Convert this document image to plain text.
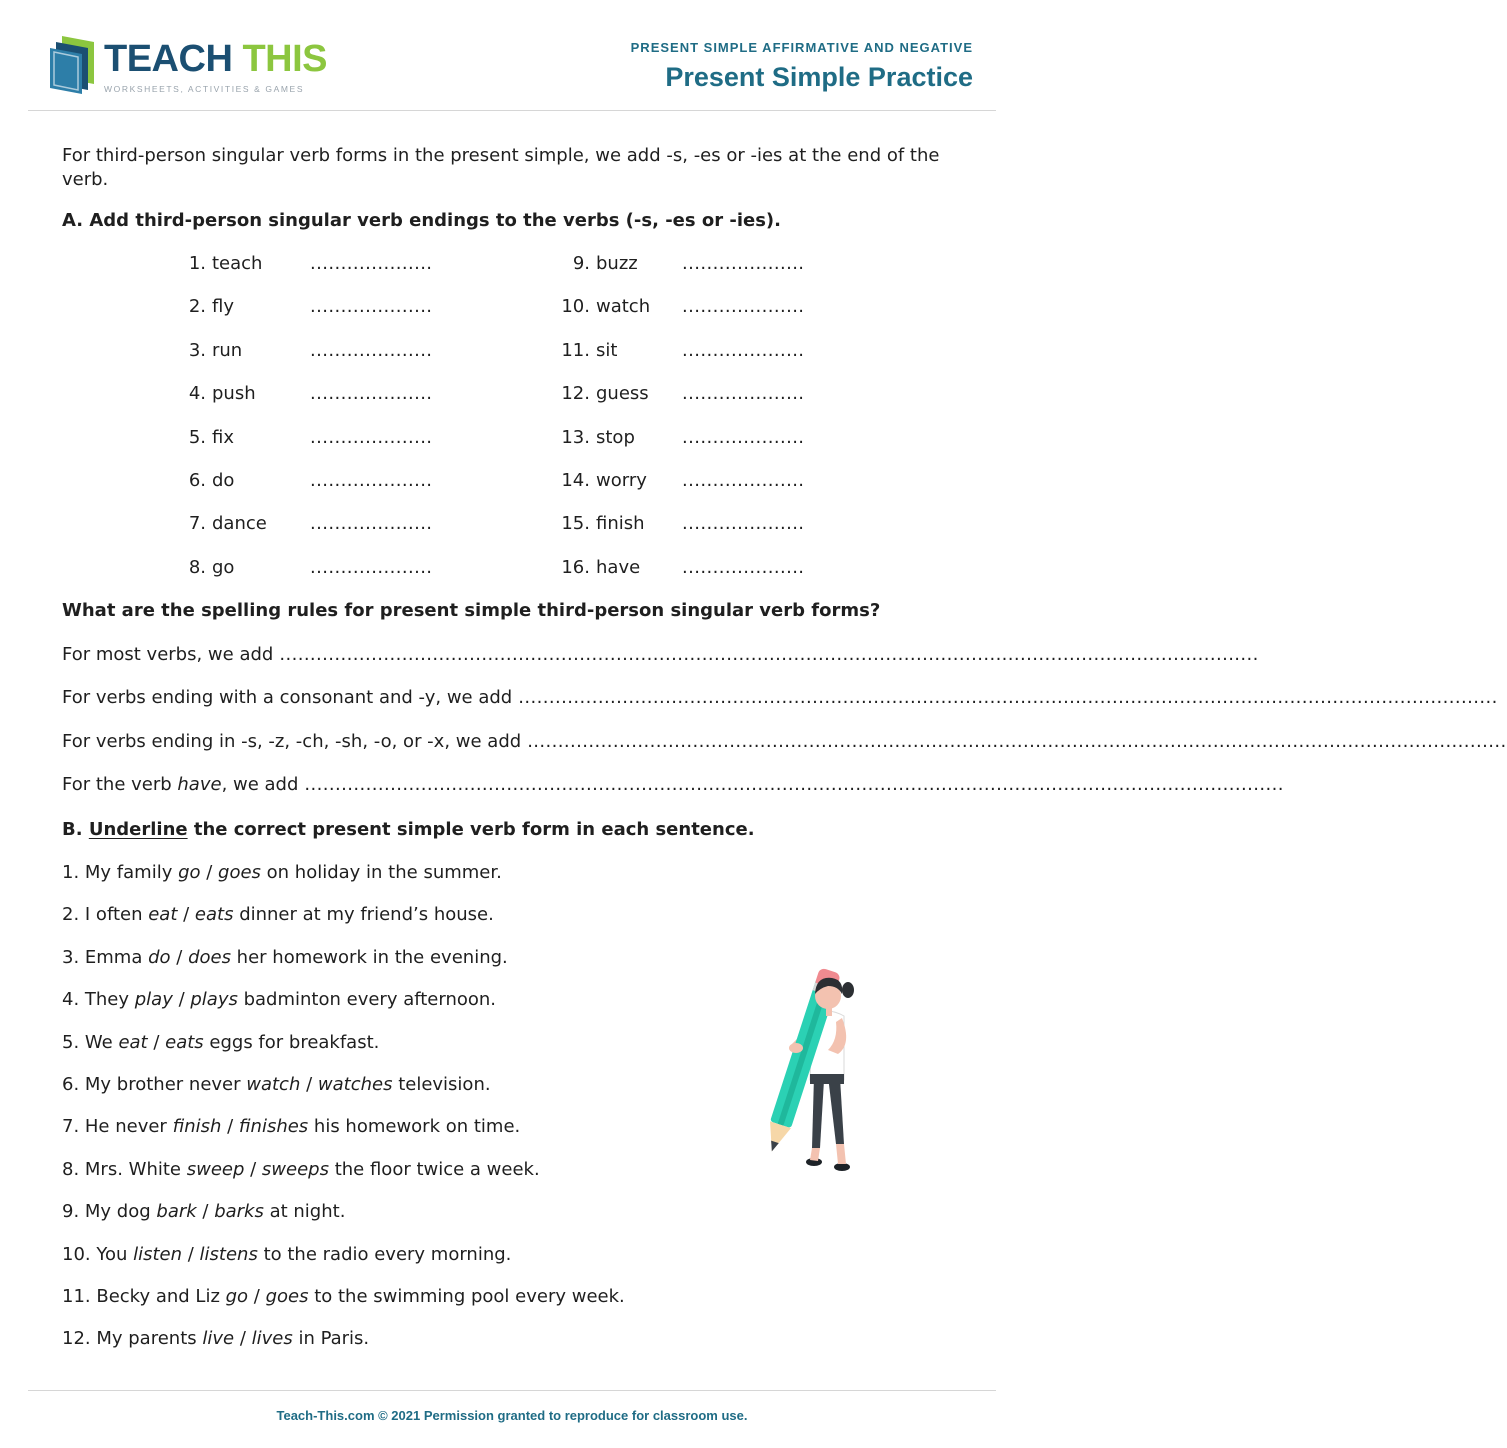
TEACH THIS
WORKSHEETS, ACTIVITIES & GAMES
PRESENT SIMPLE AFFIRMATIVE AND NEGATIVE
Present Simple Practice
For third-person singular verb forms in the present simple, we add -s, -es or -ies at the end of the verb.
A. Add third-person singular verb endings to the verbs (-s, -es or -ies).
1. teach	....................
2. fly	....................
3. run	....................
4. push	....................
5. fix	....................
6. do	....................
7. dance ....................
8. go	....................
9. buzz ....................
10. watch ....................
11. sit	....................
12. guess ....................
13. stop	....................
14. worry ....................
15. finish ....................
16. have ....................
What are the spelling rules for present simple third-person singular verb forms?
For most verbs, we add ................................................................................................................................................................
For verbs ending with a consonant and -y, we add ................................................................................................................................................................
For verbs ending in -s, -z, -ch, -sh, -o, or -x, we add ................................................................................................................................................................
For the verb have, we add ................................................................................................................................................................
B. Underline the correct present simple verb form in each sentence.
1. My family go / goes on holiday in the summer.
2. I often eat / eats dinner at my friend’s house.
3. Emma do / does her homework in the evening.
4. They play / plays badminton every afternoon.
5. We eat / eats eggs for breakfast.
6. My brother never watch / watches television.
7. He never finish / finishes his homework on time.
8. Mrs. White sweep / sweeps the floor twice a week.
9. My dog bark / barks at night.
10. You listen / listens to the radio every morning.
11. Becky and Liz go / goes to the swimming pool every week.
12. My parents live / lives in Paris.
Teach-This.com © 2021 Permission granted to reproduce for classroom use.
